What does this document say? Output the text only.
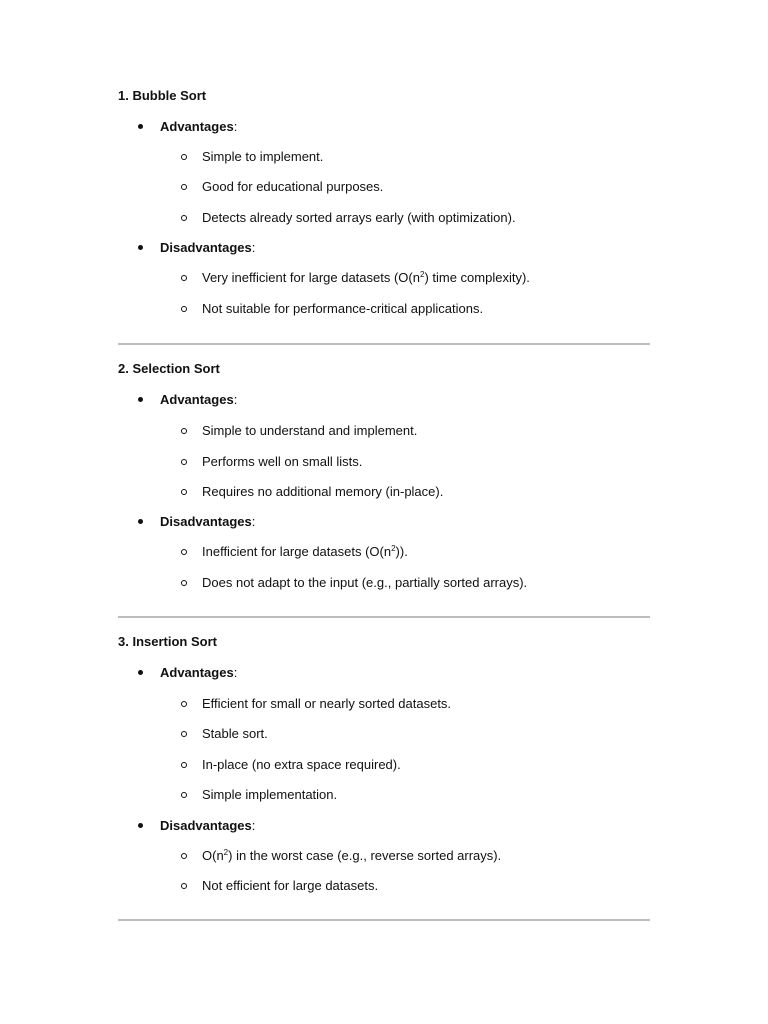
1. Bubble Sort
Advantages:
Simple to implement.
Good for educational purposes.
Detects already sorted arrays early (with optimization).
Disadvantages:
Very inefficient for large datasets ($O(n^2)$ time complexity).
Not suitable for performance-critical applications.
2. Selection Sort
Advantages:
Simple to understand and implement.
Performs well on small lists.
Requires no additional memory (in-place).
Disadvantages:
Inefficient for large datasets $(O(n^2))$.
Does not adapt to the input (e.g., partially sorted arrays).
3. Insertion Sort
Advantages:
Efficient for small or nearly sorted datasets.
Stable sort.
In-place (no extra space required).
Simple implementation.
Disadvantages:
$O(n^2)$ in the worst case (e.g., reverse sorted arrays).
Not efficient for large datasets.
